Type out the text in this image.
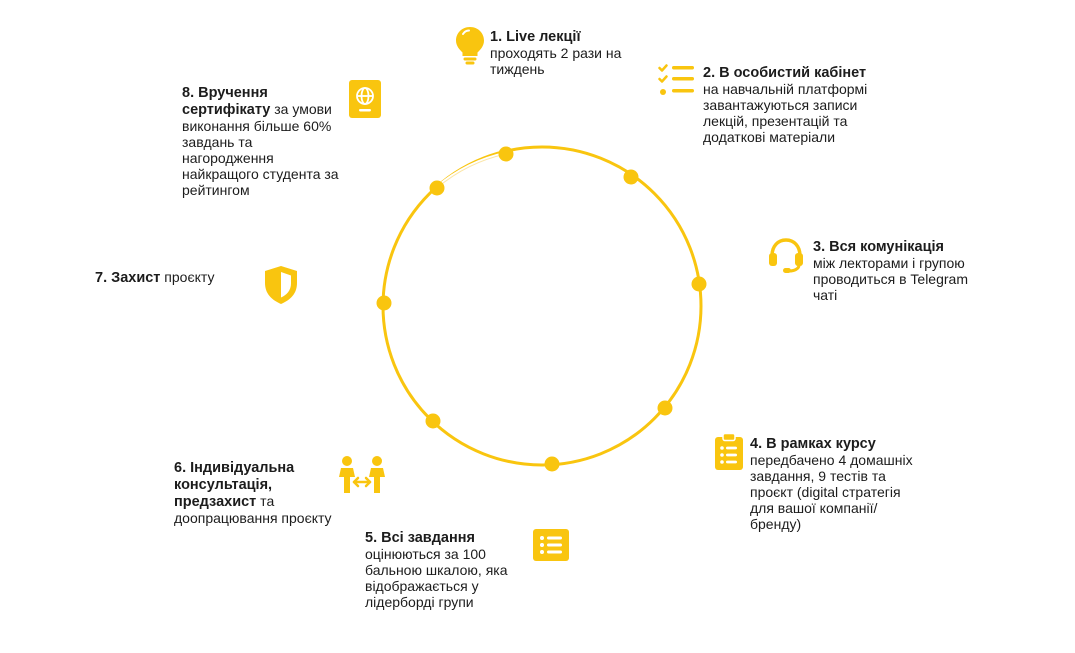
1. Live лекції
проходять 2 рази на тиждень	2. В особистий кабінет на навчальній платформі завантажуються записи лекцій, презентацій та додаткові матеріали
3. Вся комунікація
між лекторами і групою проводиться в Telegram чаті
4. В рамках курсу
передбачено 4 домашніх завдання, 9 тестів та проєкт (digital стратегія для вашої компанії/ бренду)
5. Всі завдання
оцінюються за 100 бальною шкалою, яка відображається у лідерборді групи
6. Індивідуальна консультація, предзахист та доопрацювання проєкту
7. Захист проєкту
8. Вручення сертифікату за умови виконання більше 60% завдань та нагородження найкращого студента за рейтингом
